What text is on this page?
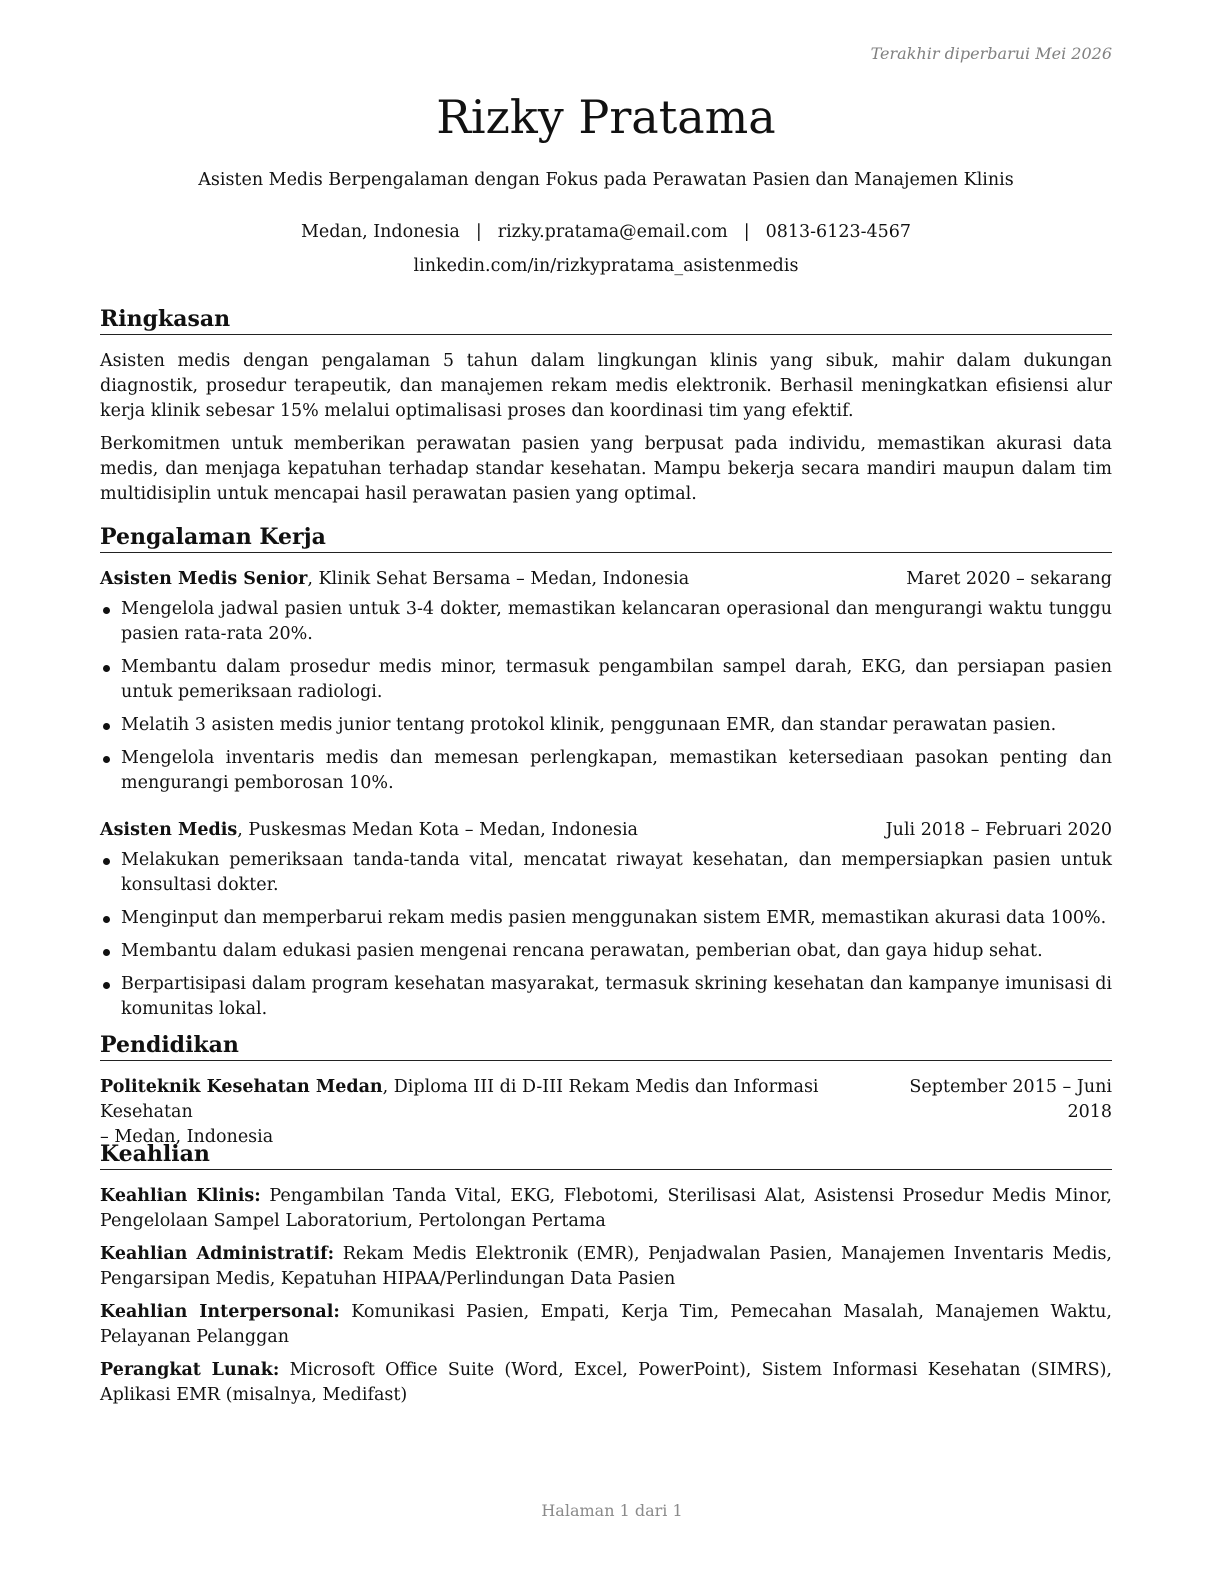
Terakhir diperbarui Mei 2026
Rizky Pratama
Asisten Medis Berpengalaman dengan Fokus pada Perawatan Pasien dan Manajemen Klinis
Medan, Indonesia | rizky.pratama@email.com | 0813-6123-4567
linkedin.com/in/rizkypratama_asistenmedis
Ringkasan

Asisten medis dengan pengalaman 5 tahun dalam lingkungan klinis yang sibuk, mahir dalam dukungan diagnostik, prosedur terapeutik, dan manajemen rekam medis elektronik. Berhasil meningkatkan efisiensi alur kerja klinik sebesar 15% melalui optimalisasi proses dan koordinasi tim yang efektif.

Berkomitmen untuk memberikan perawatan pasien yang berpusat pada individu, memastikan akurasi data medis, dan menjaga kepatuhan terhadap standar kesehatan. Mampu bekerja secara mandiri maupun dalam tim multidisiplin untuk mencapai hasil perawatan pasien yang optimal.

Pengalaman Kerja
Asisten Medis Senior, Klinik Sehat Bersama – Medan, Indonesia	Maret 2020 – sekarang
Mengelola jadwal pasien untuk 3-4 dokter, memastikan kelancaran operasional dan mengurangi waktu tunggu pasien rata-rata 20%.
Membantu dalam prosedur medis minor, termasuk pengambilan sampel darah, EKG, dan persiapan pasien untuk pemeriksaan radiologi.
Melatih 3 asisten medis junior tentang protokol klinik, penggunaan EMR, dan standar perawatan pasien.
Mengelola inventaris medis dan memesan perlengkapan, memastikan ketersediaan pasokan penting dan mengurangi pemborosan 10%.
Asisten Medis, Puskesmas Medan Kota – Medan, Indonesia	Juli 2018 – Februari 2020
Melakukan pemeriksaan tanda-tanda vital, mencatat riwayat kesehatan, dan mempersiapkan pasien untuk konsultasi dokter.
Menginput dan memperbarui rekam medis pasien menggunakan sistem EMR, memastikan akurasi data 100%.
Membantu dalam edukasi pasien mengenai rencana perawatan, pemberian obat, dan gaya hidup sehat.
Berpartisipasi dalam program kesehatan masyarakat, termasuk skrining kesehatan dan kampanye imunisasi di komunitas lokal.
Pendidikan
Politeknik Kesehatan Medan, Diploma III di D-III Rekam Medis dan Informasi Kesehatan
– Medan, Indonesia
September 2015 – Juni
2018
Keahlian

Keahlian Klinis: Pengambilan Tanda Vital, EKG, Flebotomi, Sterilisasi Alat, Asistensi Prosedur Medis Minor, Pengelolaan Sampel Laboratorium, Pertolongan Pertama

Keahlian Administratif: Rekam Medis Elektronik (EMR), Penjadwalan Pasien, Manajemen Inventaris Medis, Pengarsipan Medis, Kepatuhan HIPAA/Perlindungan Data Pasien

Keahlian Interpersonal: Komunikasi Pasien, Empati, Kerja Tim, Pemecahan Masalah, Manajemen Waktu, Pelayanan Pelanggan

Perangkat Lunak: Microsoft Office Suite (Word, Excel, PowerPoint), Sistem Informasi Kesehatan (SIMRS), Aplikasi EMR (misalnya, Medifast)

Halaman 1 dari 1
